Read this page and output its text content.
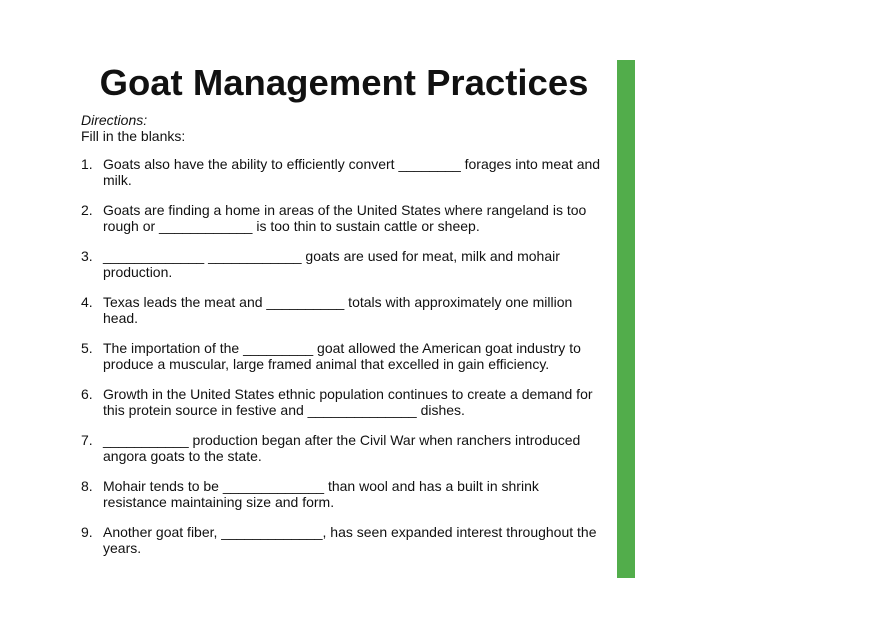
Goat Management Practices
Directions:
Fill in the blanks:
1. Goats also have the ability to efficiently convert ________ forages into meat and
milk.
2. Goats are finding a home in areas of the United States where rangeland is too
rough or ____________ is too thin to sustain cattle or sheep.
3. _____________ ____________ goats are used for meat, milk and mohair
production.
4. Texas leads the meat and __________ totals with approximately one million
head.
5. The importation of the _________ goat allowed the American goat industry to
produce a muscular, large framed animal that excelled in gain efficiency.
6. Growth in the United States ethnic population continues to create a demand for
this protein source in festive and ______________ dishes.
7. ___________ production began after the Civil War when ranchers introduced
angora goats to the state.
8. Mohair tends to be _____________ than wool and has a built in shrink
resistance maintaining size and form.
9. Another goat fiber, _____________, has seen expanded interest throughout the
years.
